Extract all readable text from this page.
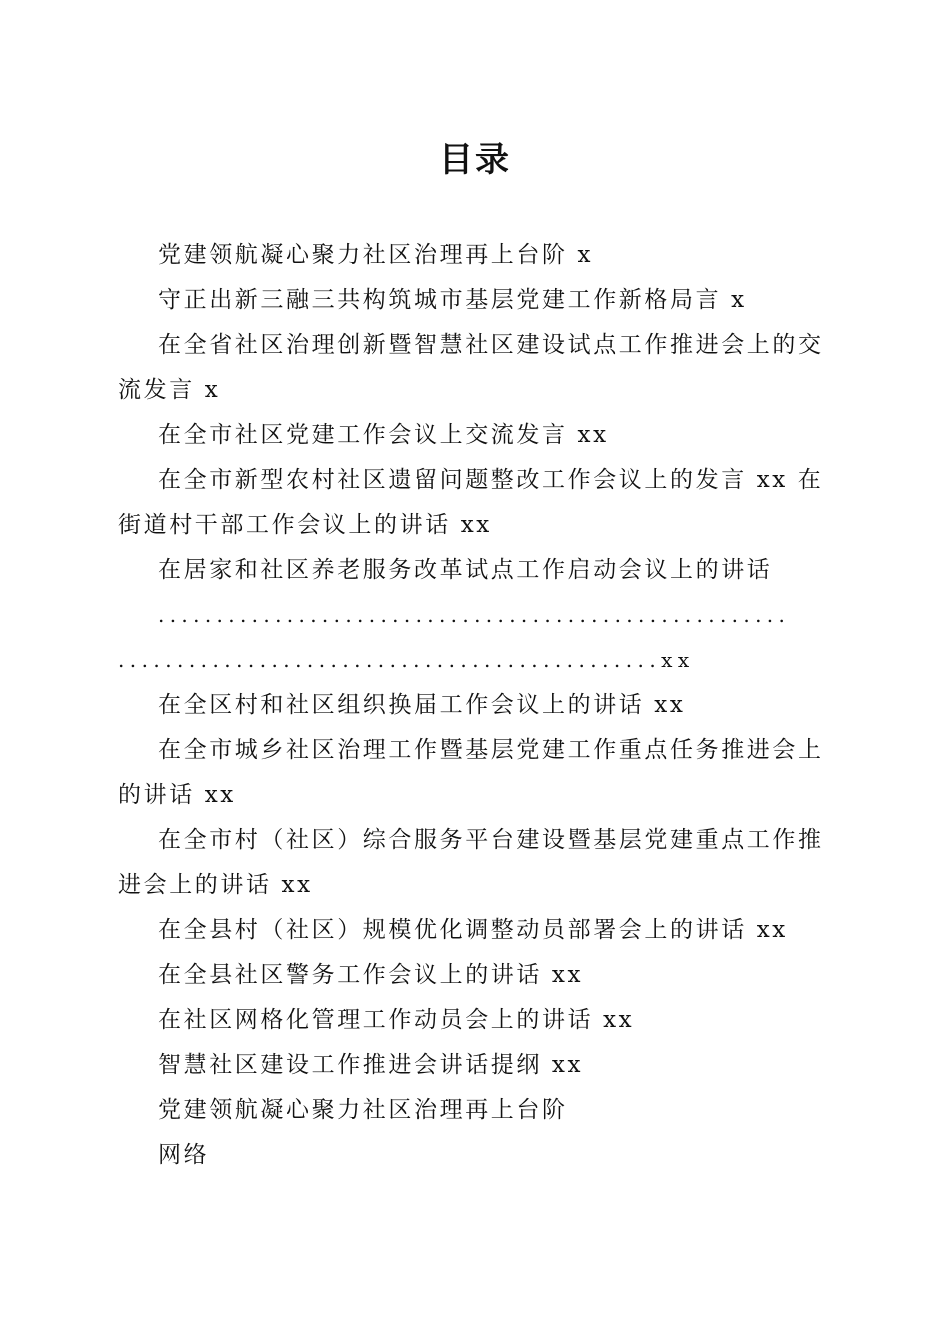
目录
党建领航凝心聚力社区治理再上台阶 x
守正出新三融三共构筑城市基层党建工作新格局言 x
在全省社区治理创新暨智慧社区建设试点工作推进会上的交
流发言 x
在全市社区党建工作会议上交流发言 xx
在全市新型农村社区遗留问题整改工作会议上的发言 xx 在
街道村干部工作会议上的讲话 xx
在居家和社区养老服务改革试点工作启动会议上的讲话
......................................................
..............................................xx
在全区村和社区组织换届工作会议上的讲话 xx
在全市城乡社区治理工作暨基层党建工作重点任务推进会上
的讲话 xx
在全市村（社区）综合服务平台建设暨基层党建重点工作推
进会上的讲话 xx
在全县村（社区）规模优化调整动员部署会上的讲话 xx
在全县社区警务工作会议上的讲话 xx
在社区网格化管理工作动员会上的讲话 xx
智慧社区建设工作推进会讲话提纲 xx
党建领航凝心聚力社区治理再上台阶
网络
